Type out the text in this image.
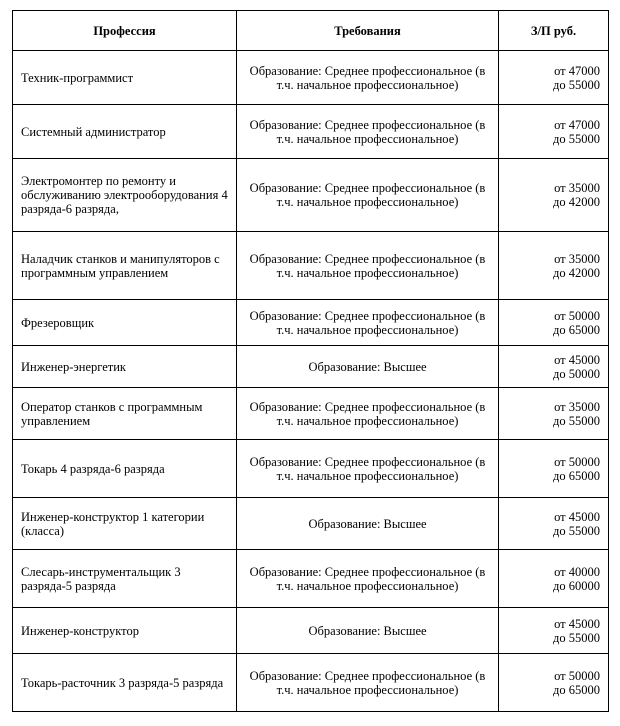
Профессия	Требования	З/П руб.
Техник-программист	Образование: Среднее профессиональное (в т.ч. начальное профессиональное)	от 47000
до 55000

Системный администратор	Образование: Среднее профессиональное (в т.ч. начальное профессиональное)	от 47000
до 55000

Электромонтер по ремонту и обслуживанию электрооборудования 4 разряда-6 разряда,	Образование: Среднее профессиональное (в т.ч. начальное профессиональное)	от 35000
до 42000

Наладчик станков и манипуляторов с программным управлением	Образование: Среднее профессиональное (в т.ч. начальное профессиональное)	от 35000
до 42000

Фрезеровщик	Образование: Среднее профессиональное (в т.ч. начальное профессиональное)	от 50000
до 65000

Инженер-энергетик	Образование: Высшее	от 45000
до 50000

Оператор станков с программным управлением	Образование: Среднее профессиональное (в т.ч. начальное профессиональное)	от 35000
до 55000

Токарь 4 разряда-6 разряда	Образование: Среднее профессиональное (в т.ч. начальное профессиональное)	от 50000
до 65000

Инженер-конструктор 1 категории (класса)	Образование: Высшее	от 45000
до 55000

Слесарь-инструментальщик 3 разряда-5 разряда	Образование: Среднее профессиональное (в т.ч. начальное профессиональное)	от 40000
до 60000

Инженер-конструктор	Образование: Высшее	от 45000
до 55000

Токарь-расточник 3 разряда-5 разряда	Образование: Среднее профессиональное (в т.ч. начальное профессиональное)	от 50000
до 65000
